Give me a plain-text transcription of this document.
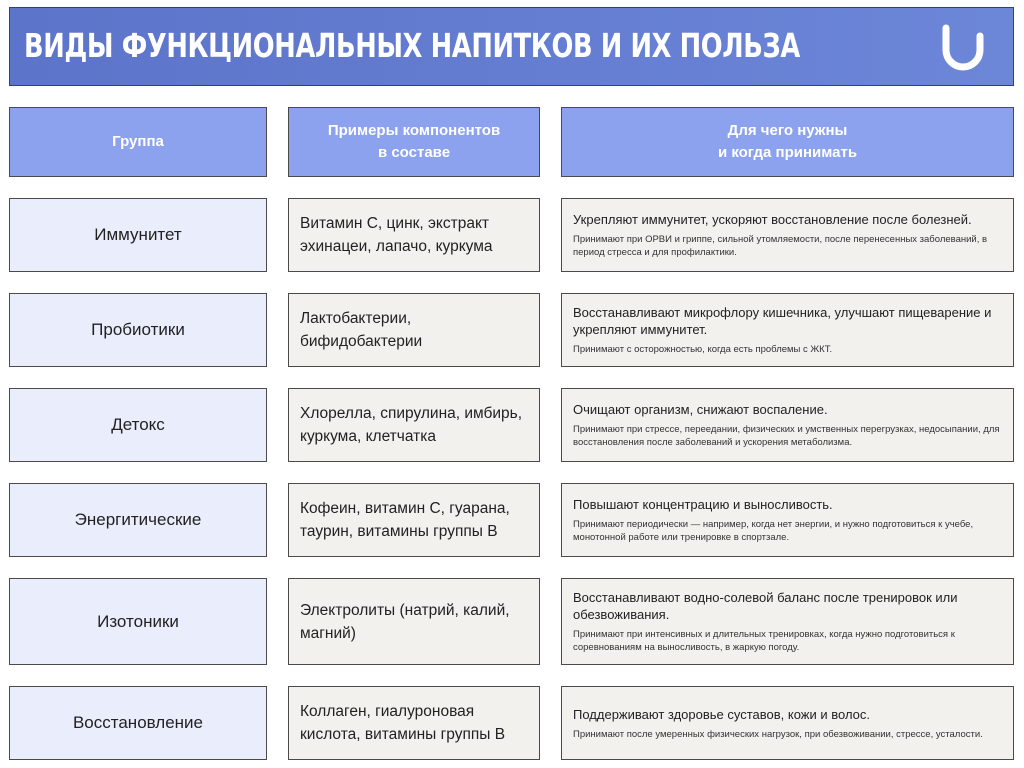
ВИДЫ ФУНКЦИОНАЛЬНЫХ НАПИТКОВ И ИХ ПОЛЬЗА
Группа
Примеры компонентов
в составе
Для чего нужны
и когда принимать
Иммунитет
Витамин С, цинк, экстракт эхинацеи, лапачо, куркума
Укрепляют иммунитет, ускоряют восстановление после болезней.
Принимают при ОРВИ и гриппе, сильной утомляемости, после перенесенных заболеваний, в период стресса и для профилактики.
Пробиотики
Лактобактерии, бифидобактерии
Восстанавливают микрофлору кишечника, улучшают пищеварение и укрепляют иммунитет.
Принимают с осторожностью, когда есть проблемы с ЖКТ.
Детокс
Хлорелла, спирулина, имбирь, куркума, клетчатка
Очищают организм, снижают воспаление.
Принимают при стрессе, переедании, физических и умственных перегрузках, недосыпании, для восстановления после заболеваний и ускорения метаболизма.
Энергитические
Кофеин, витамин С, гуарана, таурин, витамины группы В
Повышают концентрацию и выносливость.
Принимают периодически — например, когда нет энергии, и нужно подготовиться к учебе, монотонной работе или тренировке в спортзале.
Изотоники
Электролиты (натрий, калий, магний)
Восстанавливают водно-солевой баланс после тренировок или обезвоживания.
Принимают при интенсивных и длительных тренировках, когда нужно подготовиться к соревнованиям на выносливость, в жаркую погоду.
Восстановление
Коллаген, гиалуроновая кислота, витамины группы В
Поддерживают здоровье суставов, кожи и волос.
Принимают после умеренных физических нагрузок, при обезвоживании, стрессе, усталости.
